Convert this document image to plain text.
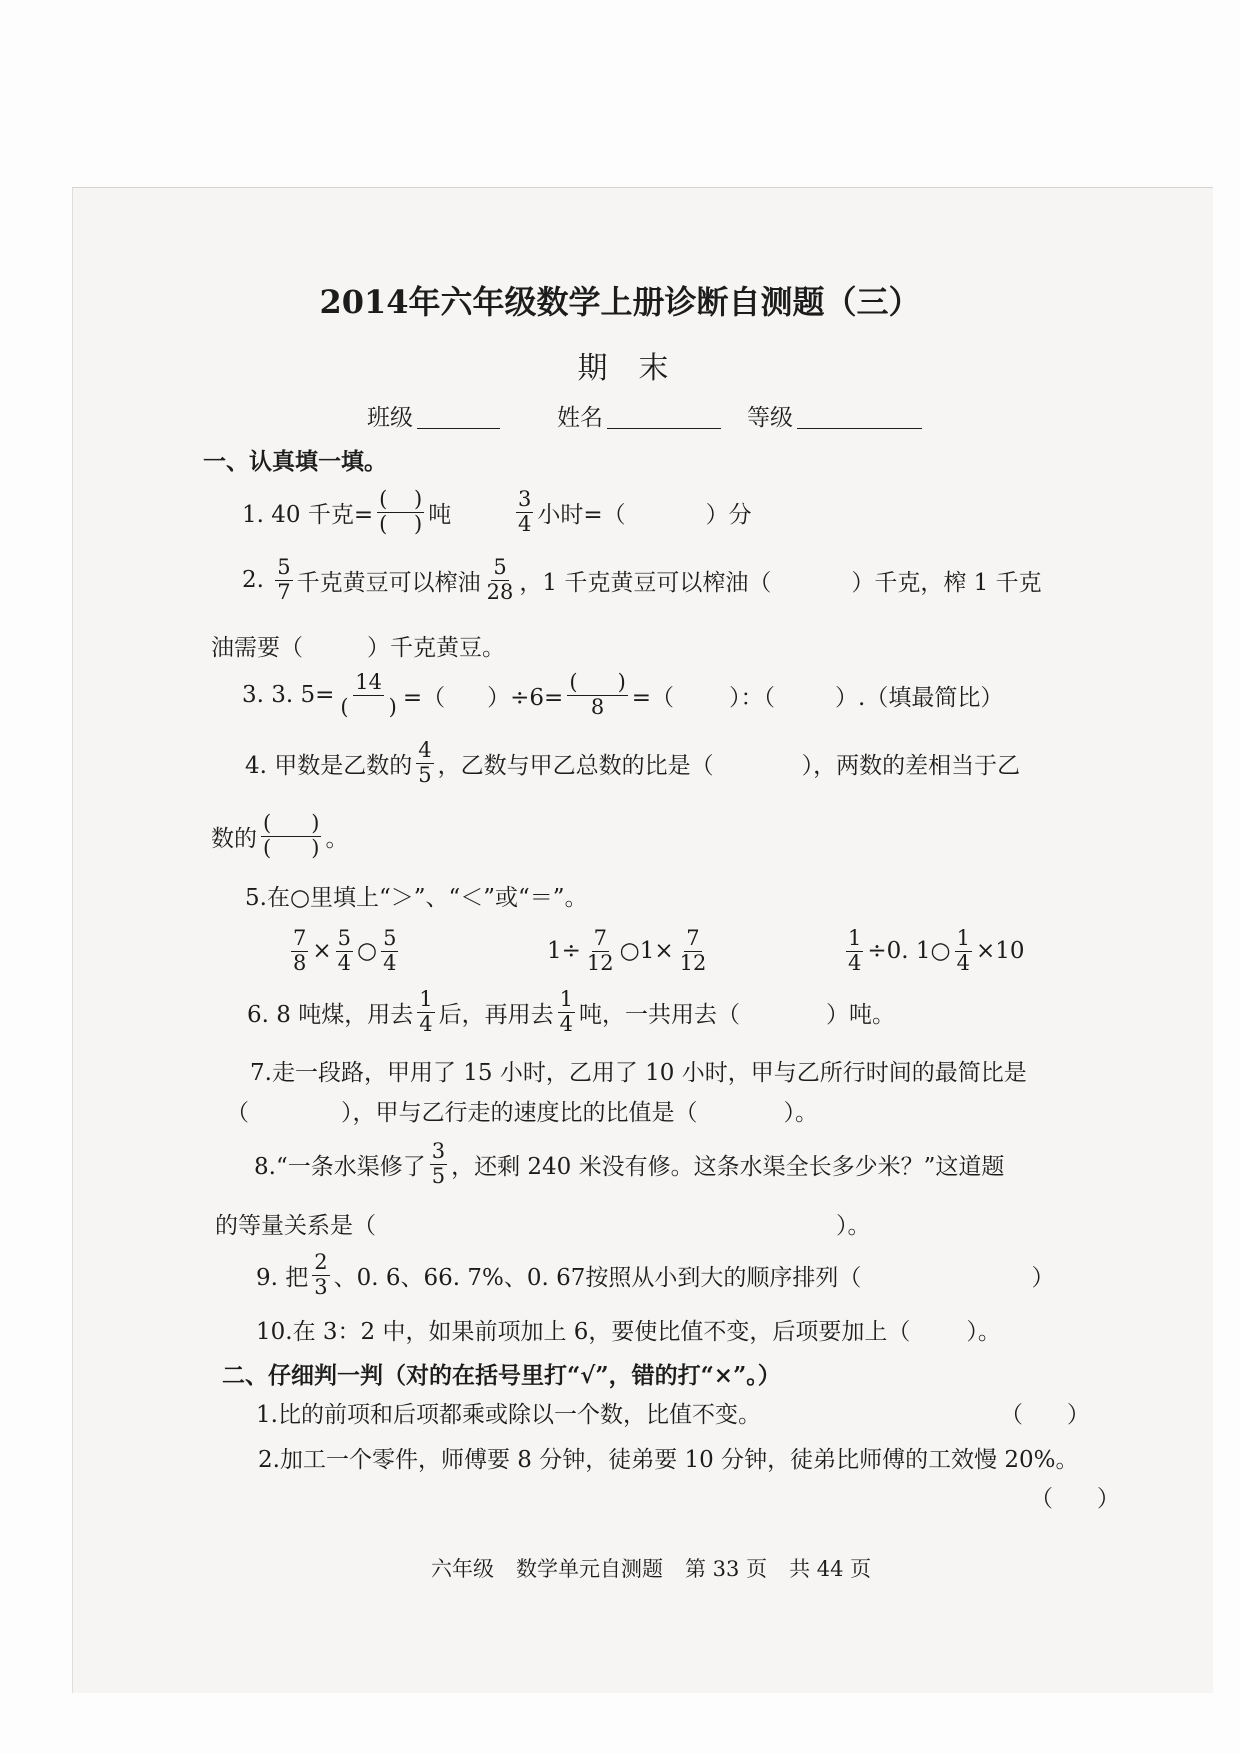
2014年六年级数学上册诊断自测题（三）
期  末
班级	姓名	等级
一、认真填一填。
1. 40 千克= $\frac{( )}{( )}$ 吨	$\frac{3}{4}$ 小时=（	）分
2. $\frac{5}{7}$ 千克黄豆可以榨油 $\frac{5}{28}$ ，1 千克黄豆可以榨油（	）千克，榨 1 千克
油需要（	）千克黄豆。
3. 3. $5= \frac{14}{( )}$ =（ ）$\div 6= \frac{( )}{8}$ =（ ）：（	）.（填最简比）
4. 甲数是乙数的 $\frac{4}{5}$ ，乙数与甲乙总数的比是（	），两数的差相当于乙
数的 $\frac{( )}{( )}$ 。
5.在○里填上“＞”、“＜”或“＝”。
$\frac{7}{8} \times \frac{5}{4}$ ○ $\frac{5}{4}$	$1\div \frac{7}{12}$ ○1× $\frac{7}{12}$	$\frac{1}{4} \div 0$. 1○ $\frac{1}{4} \times 10$
6. 8 吨煤，用去 $\frac{1}{4}$ 后，再用去 $\frac{1}{4}$ 吨，一共用去（	）吨。
7.走一段路，甲用了 15 小时，乙用了 10 小时，甲与乙所行时间的最简比是
（	），甲与乙行走的速度比的比值是（	）。
8.“一条水渠修了 $\frac{3}{5}$ ，还剩 240 米没有修。这条水渠全长多少米？”这道题
的等量关系是（	）。
9. 把 $\frac{2}{3}$ 、0. 6、66. 7%、0. 67按照从小到大的顺序排列（	）
10.在 3：2 中，如果前项加上 6，要使比值不变，后项要加上（ ）。
二、仔细判一判（对的在括号里打“√”，错的打“×”。）
1.比的前项和后项都乘或除以一个数，比值不变。	（      ）
2.加工一个零件，师傅要 8 分钟，徒弟要 10 分钟，徒弟比师傅的工效慢 20%。
（      ）
六年级 数学单元自测题 第 33 页 共 44 页
